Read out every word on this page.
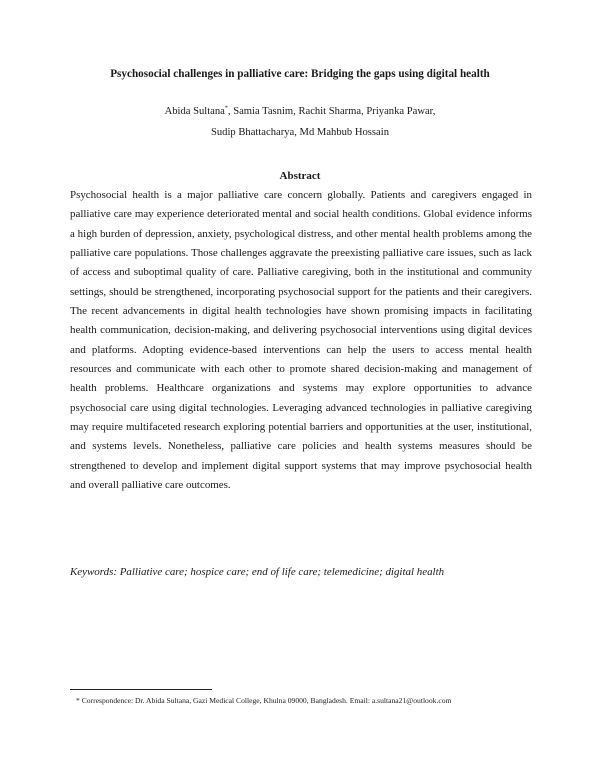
Psychosocial challenges in palliative care: Bridging the gaps using digital health
Abida Sultana*, Samia Tasnim, Rachit Sharma, Priyanka Pawar,
Sudip Bhattacharya, Md Mahbub Hossain
Abstract

Psychosocial health is a major palliative care concern globally. Patients and caregivers engaged in palliative care may experience deteriorated mental and social health conditions. Global evidence informs a high burden of depression, anxiety, psychological distress, and other mental health problems among the palliative care populations. Those challenges aggravate the preexisting palliative care issues, such as lack of access and suboptimal quality of care. Palliative caregiving, both in the institutional and community settings, should be strengthened, incorporating psychosocial support for the patients and their caregivers. The recent advancements in digital health technologies have shown promising impacts in facilitating health communication, decision-making, and delivering psychosocial interventions using digital devices and platforms. Adopting evidence-based interventions can help the users to access mental health resources and communicate with each other to promote shared decision-making and management of health problems. Healthcare organizations and systems may explore opportunities to advance psychosocial care using digital technologies. Leveraging advanced technologies in palliative caregiving may require multifaceted research exploring potential barriers and opportunities at the user, institutional, and systems levels. Nonetheless, palliative care policies and health systems measures should be strengthened to develop and implement digital support systems that may improve psychosocial health and overall palliative care outcomes.

Keywords: Palliative care; hospice care; end of life care; telemedicine; digital health

* Correspondence: Dr. Abida Sultana, Gazi Medical College, Khulna 09000, Bangladesh. Email: a.sultana21@outlook.com
